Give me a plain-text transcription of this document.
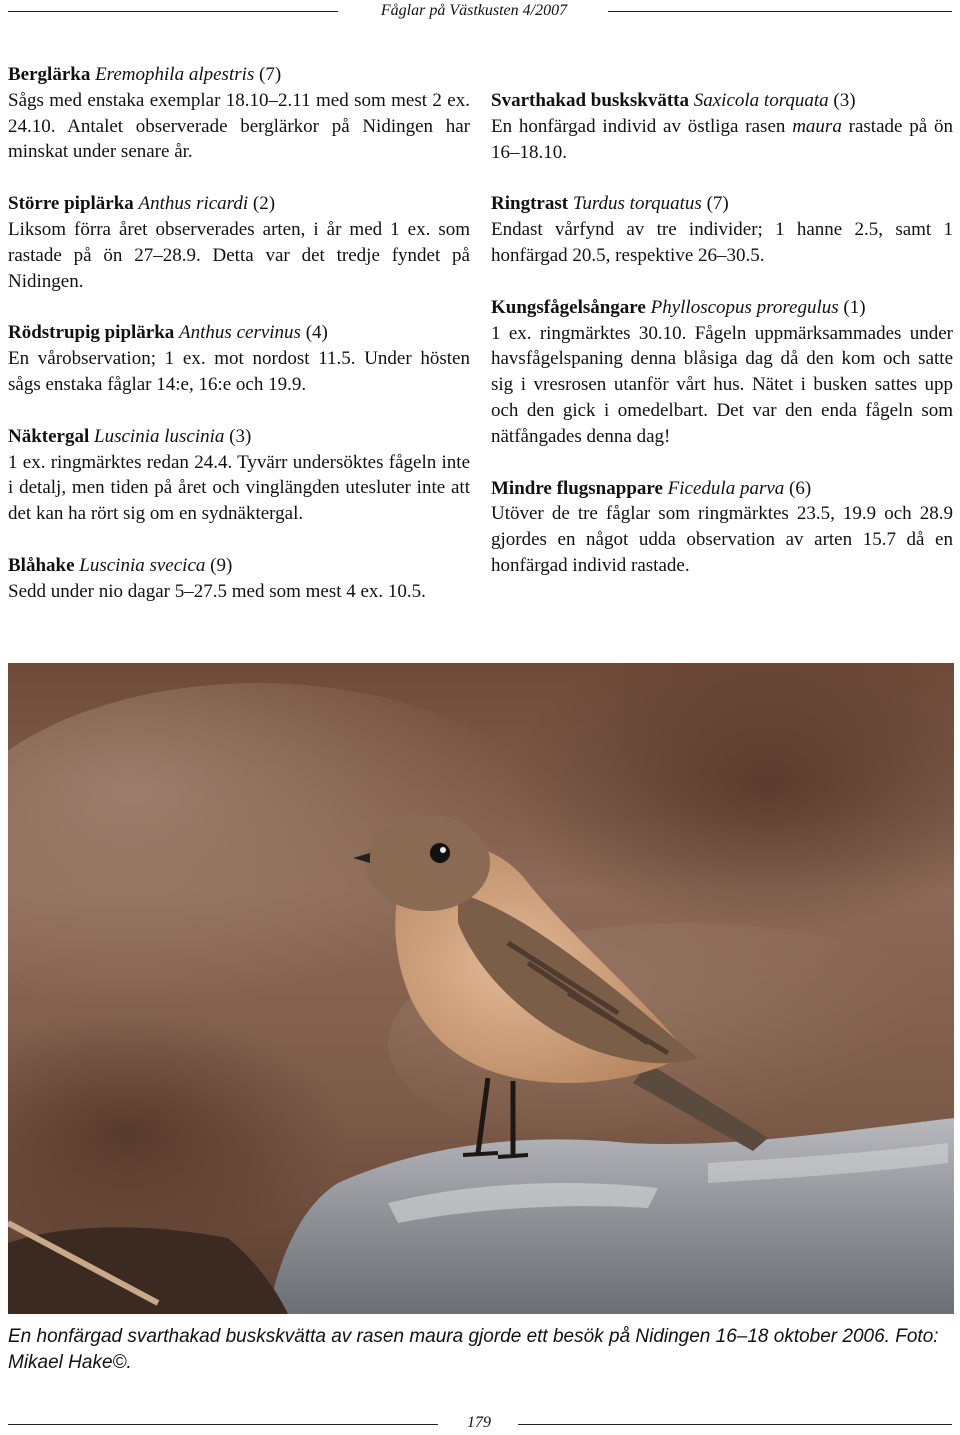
Fåglar på Västkusten 4/2007

Berglärka Eremophila alpestris (7)

Sågs med enstaka exemplar 18.10–2.11 med som mest 2 ex. 24.10. Antalet observerade berglärkor på Nidingen har minskat under senare år.

Större piplärka Anthus ricardi (2)

Liksom förra året observerades arten, i år med 1 ex. som rastade på ön 27–28.9. Detta var det tredje fyndet på Nidingen.

Rödstrupig piplärka Anthus cervinus (4)

En vårobservation; 1 ex. mot nordost 11.5. Under hösten sågs enstaka fåglar 14:e, 16:e och 19.9.

Näktergal Luscinia luscinia (3)

1 ex. ringmärktes redan 24.4. Tyvärr undersöktes fågeln inte i detalj, men tiden på året och vinglängden utesluter inte att det kan ha rört sig om en sydnäktergal.

Blåhake Luscinia svecica (9)

Sedd under nio dagar 5–27.5 med som mest 4 ex. 10.5.

Svarthakad buskskvätta Saxicola torquata (3)

En honfärgad individ av östliga rasen maura rastade på ön 16–18.10.

Ringtrast Turdus torquatus (7)

Endast vårfynd av tre individer; 1 hanne 2.5, samt 1 honfärgad 20.5, respektive 26–30.5.

Kungsfågelsångare Phylloscopus proregulus (1)

1 ex. ringmärktes 30.10. Fågeln uppmärksammades under havsfågelspaning denna blåsiga dag då den kom och satte sig i vresrosen utanför vårt hus. Nätet i busken sattes upp och den gick i omedelbart. Det var den enda fågeln som nätfångades denna dag!

Mindre flugsnappare Ficedula parva (6)

Utöver de tre fåglar som ringmärktes 23.5, 19.9 och 28.9 gjordes en något udda observation av arten 15.7 då en honfärgad individ rastade.

En honfärgad svarthakad buskskvätta av rasen maura gjorde ett besök på Nidingen 16–18 oktober 2006. Foto: Mikael Hake©.
179
